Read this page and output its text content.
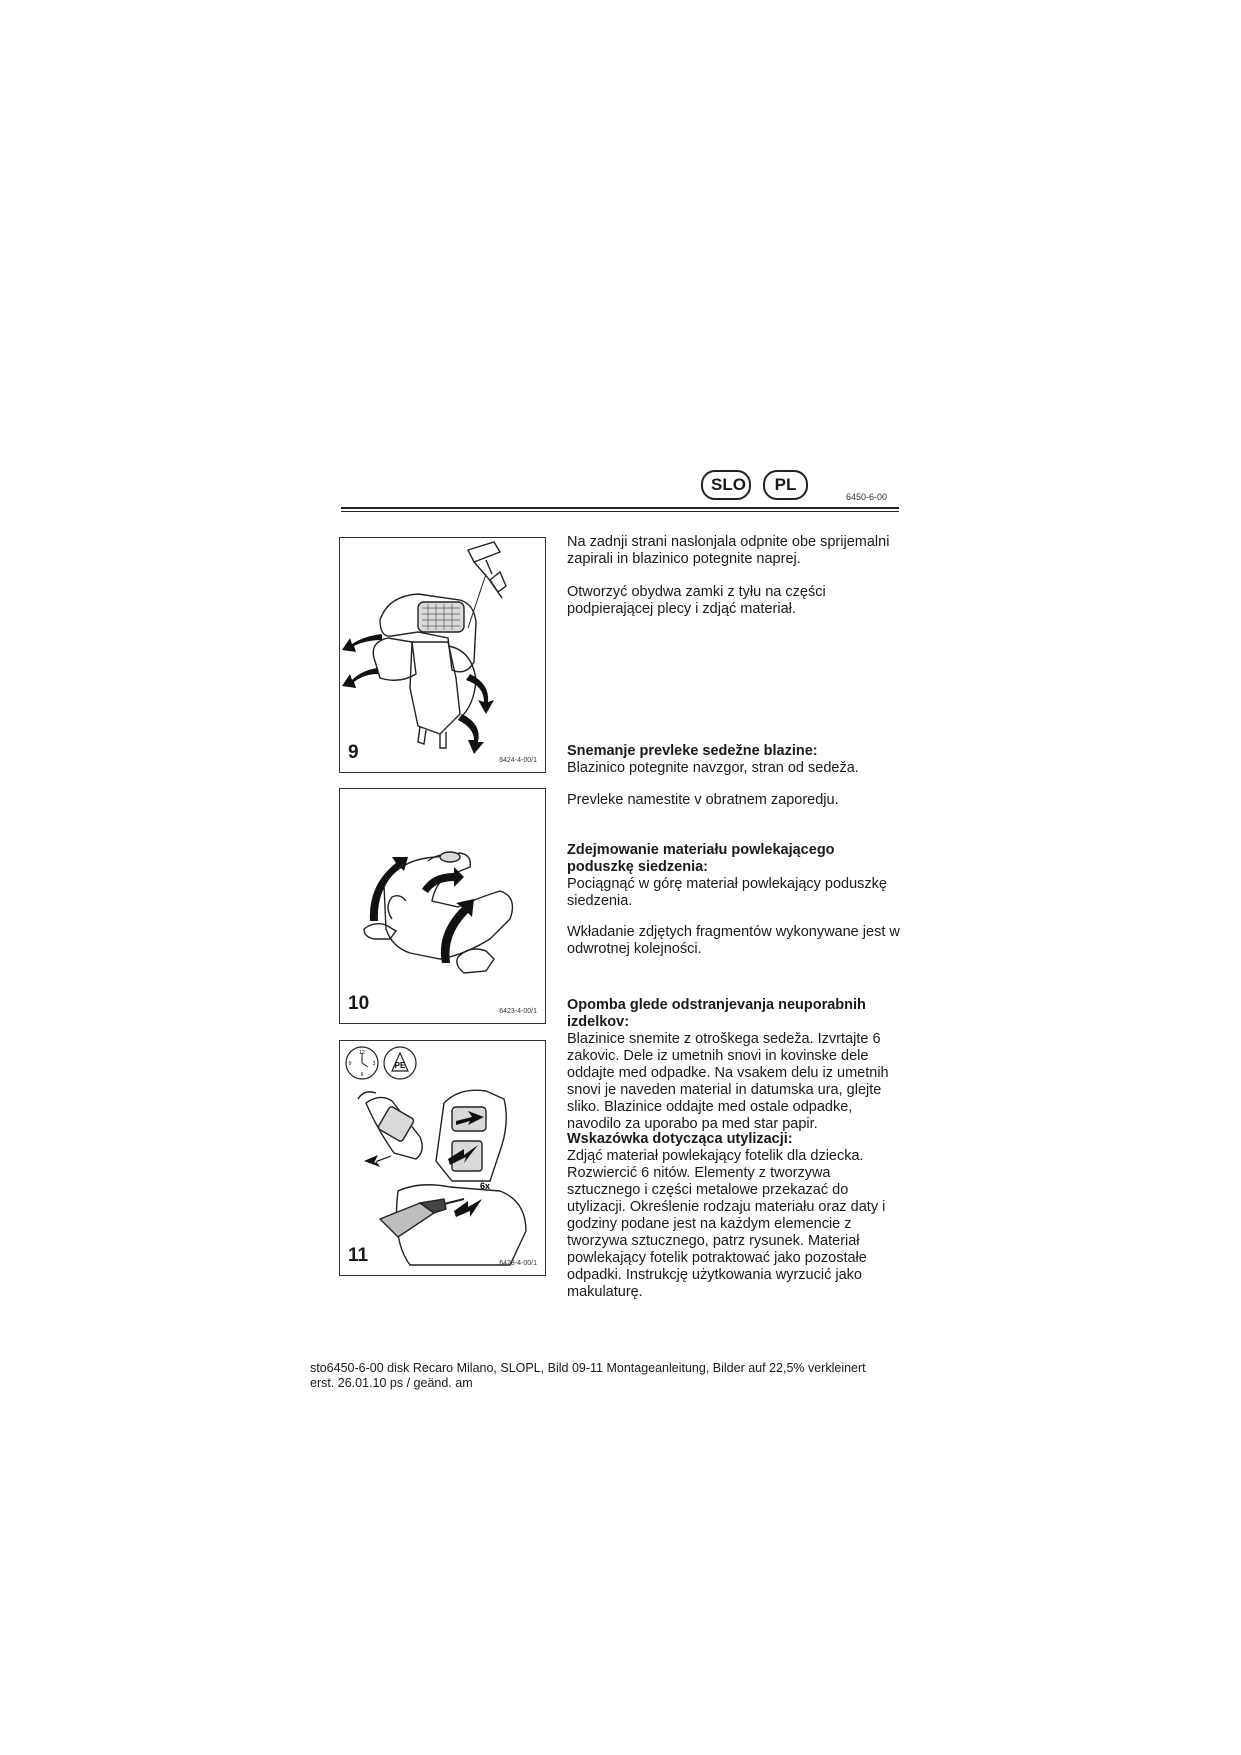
SLO	PL
6450-6-00
9	6424-4-00/1
10	6423-4-00/1
12
9	3
6
PE
6x
11	6428-4-00/1

Na zadnji strani naslonjala odpnite obe sprijemalni zapirali in blazinico potegnite naprej.

Otworzyć obydwa zamki z tyłu na części podpierającej plecy i zdjąć materiał.

Snemanje prevleke sedežne blazine:

Blazinico potegnite navzgor, stran od sedeža.

Prevleke namestite v obratnem zaporedju.

Zdejmowanie materiału powlekającego poduszkę siedzenia:

Pociągnąć w górę materiał powlekający poduszkę siedzenia.

Wkładanie zdjętych fragmentów wykonywane jest w odwrotnej kolejności.

Opomba glede odstranjevanja neuporabnih izdelkov:

Blazinice snemite z otroškega sedeža. Izvrtajte 6 zakovic. Dele iz umetnih snovi in kovinske dele oddajte med odpadke. Na vsakem delu iz umetnih snovi je naveden material in datumska ura, glejte sliko. Blazinice oddajte med ostale odpadke, navodilo za uporabo pa med star papir.

Wskazówka dotycząca utylizacji:

Zdjąć materiał powlekający fotelik dla dziecka. Rozwiercić 6 nitów. Elementy z tworzywa sztucznego i części metalowe przekazać do utylizacji. Określenie rodzaju materiału oraz daty i godziny podane jest na każdym elemencie z tworzywa sztucznego, patrz rysunek. Materiał powlekający fotelik potraktować jako pozostałe odpadki. Instrukcję użytkowania wyrzucić jako makulaturę.

sto6450-6-00 disk Recaro Milano, SLOPL, Bild 09-11 Montageanleitung, Bilder auf 22,5% verkleinert
erst. 26.01.10 ps / geänd. am
